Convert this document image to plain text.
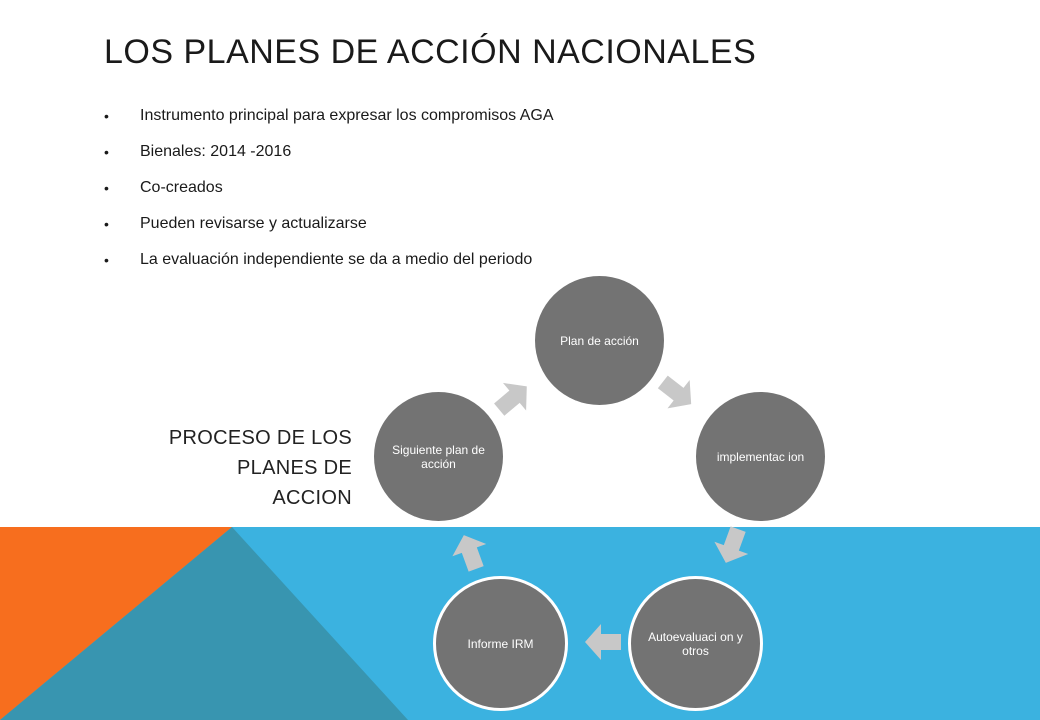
LOS PLANES DE ACCIÓN NACIONALES
• Instrumento principal para expresar los compromisos AGA
• Bienales: 2014 -2016
• Co-creados
• Pueden revisarse y actualizarse
• La evaluación independiente se da a medio del periodo
PROCESO DE LOS
PLANES DE
ACCION
Plan de acción
implementac ion
Autoevaluaci on y otros
Informe IRM
Siguiente plan de acción
